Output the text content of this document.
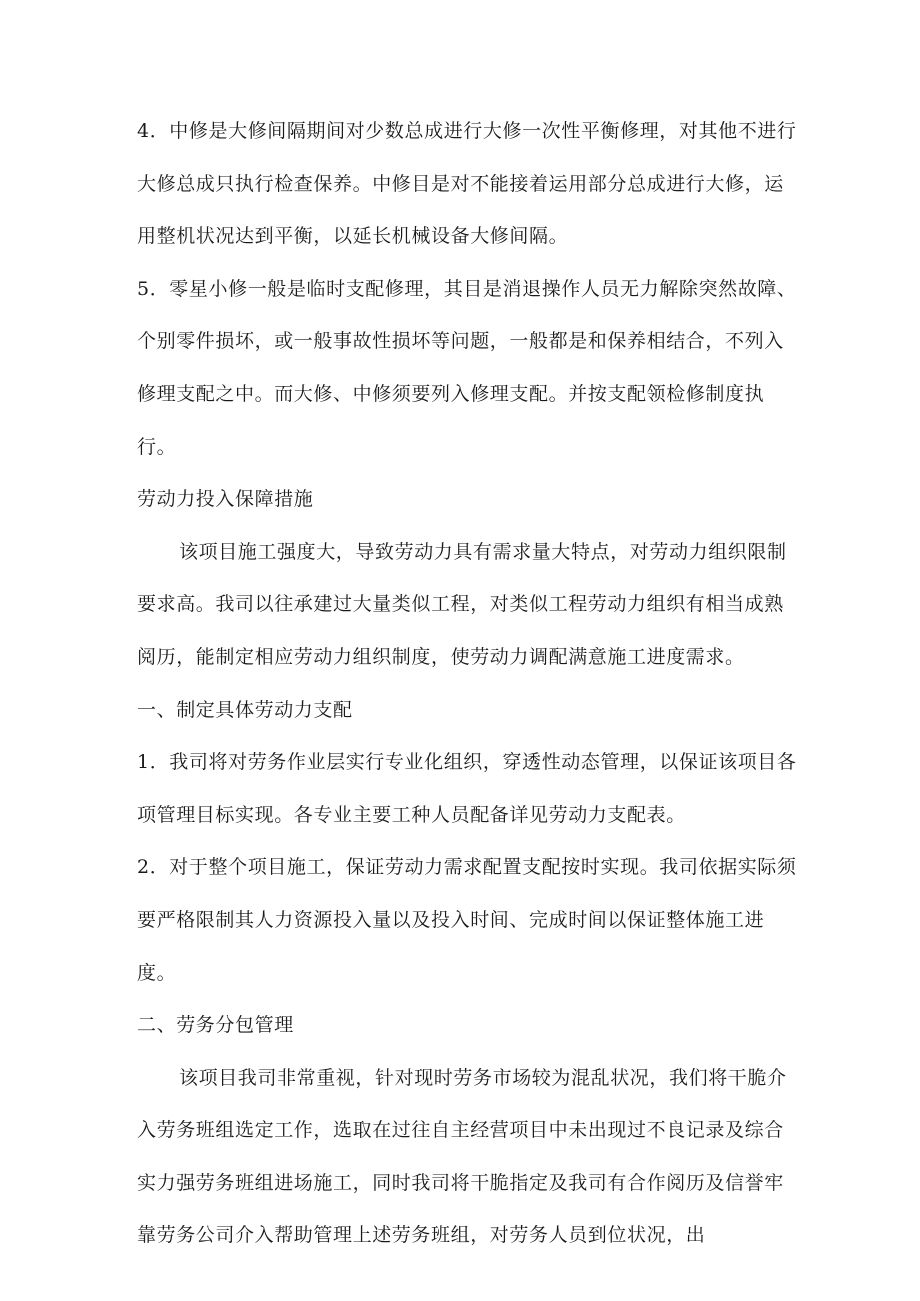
4．中修是大修间隔期间对少数总成进行大修一次性平衡修理，对其他不进行大修总成只执行检查保养。中修目是对不能接着运用部分总成进行大修，运用整机状况达到平衡，以延长机械设备大修间隔。

5．零星小修一般是临时支配修理，其目是消退操作人员无力解除突然故障、个别零件损坏，或一般事故性损坏等问题，一般都是和保养相结合，不列入修理支配之中。而大修、中修须要列入修理支配。并按支配领检修制度执行。

劳动力投入保障措施

该项目施工强度大，导致劳动力具有需求量大特点，对劳动力组织限制要求高。我司以往承建过大量类似工程，对类似工程劳动力组织有相当成熟阅历，能制定相应劳动力组织制度，使劳动力调配满意施工进度需求。

一、制定具体劳动力支配

1．我司将对劳务作业层实行专业化组织，穿透性动态管理，以保证该项目各项管理目标实现。各专业主要工种人员配备详见劳动力支配表。

2．对于整个项目施工，保证劳动力需求配置支配按时实现。我司依据实际须要严格限制其人力资源投入量以及投入时间、完成时间以保证整体施工进度。

二、劳务分包管理

该项目我司非常重视，针对现时劳务市场较为混乱状况，我们将干脆介入劳务班组选定工作，选取在过往自主经营项目中未出现过不良记录及综合实力强劳务班组进场施工，同时我司将干脆指定及我司有合作阅历及信誉牢靠劳务公司介入帮助管理上述劳务班组，对劳务人员到位状况，出
